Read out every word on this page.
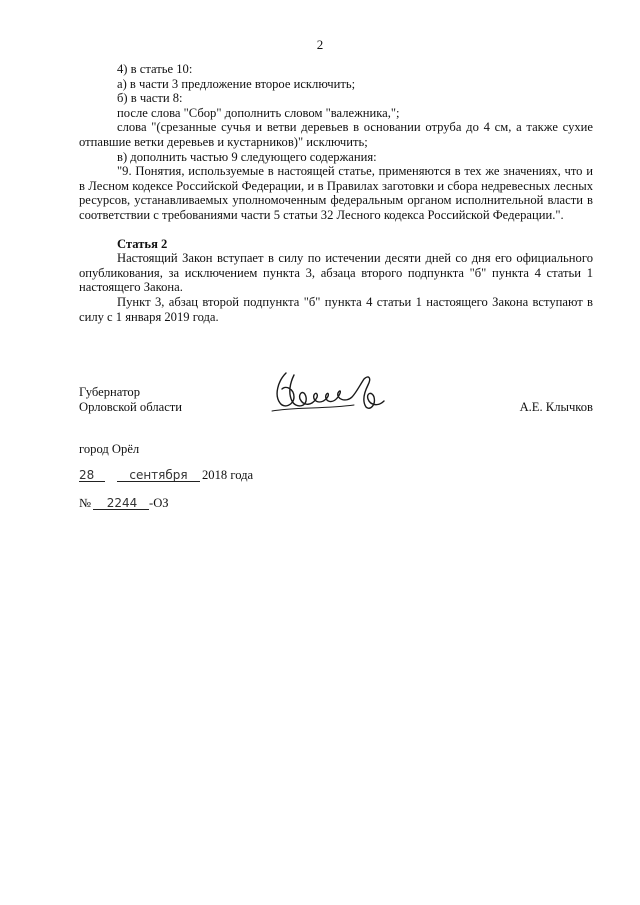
2

4) в статье 10:

а) в части 3 предложение второе исключить;

б) в части 8:

после слова "Сбор" дополнить словом "валежника,";

слова "(срезанные сучья и ветви деревьев в основании отруба до 4 см, а также сухие отпавшие ветки деревьев и кустарников)" исключить;

в) дополнить частью 9 следующего содержания:

"9. Понятия, используемые в настоящей статье, применяются в тех же значениях, что и в Лесном кодексе Российской Федерации, и в Правилах заготовки и сбора недревесных лесных ресурсов, устанавливаемых уполномоченным федеральным органом исполнительной власти в соответствии с требованиями части 5 статьи 32 Лесного кодекса Российской Федерации.".

Статья 2

Настоящий Закон вступает в силу по истечении десяти дней со дня его официального опубликования, за исключением пункта 3, абзаца второго подпункта "б" пункта 4 статьи 1 настоящего Закона.

Пункт 3, абзац второй подпункта "б" пункта 4 статьи 1 настоящего Закона вступают в силу с 1 января 2019 года.

Губернатор
Орловской области	А.Е. Клычков
город Орёл
28	сентября	2018 года
№	2244 -ОЗ
